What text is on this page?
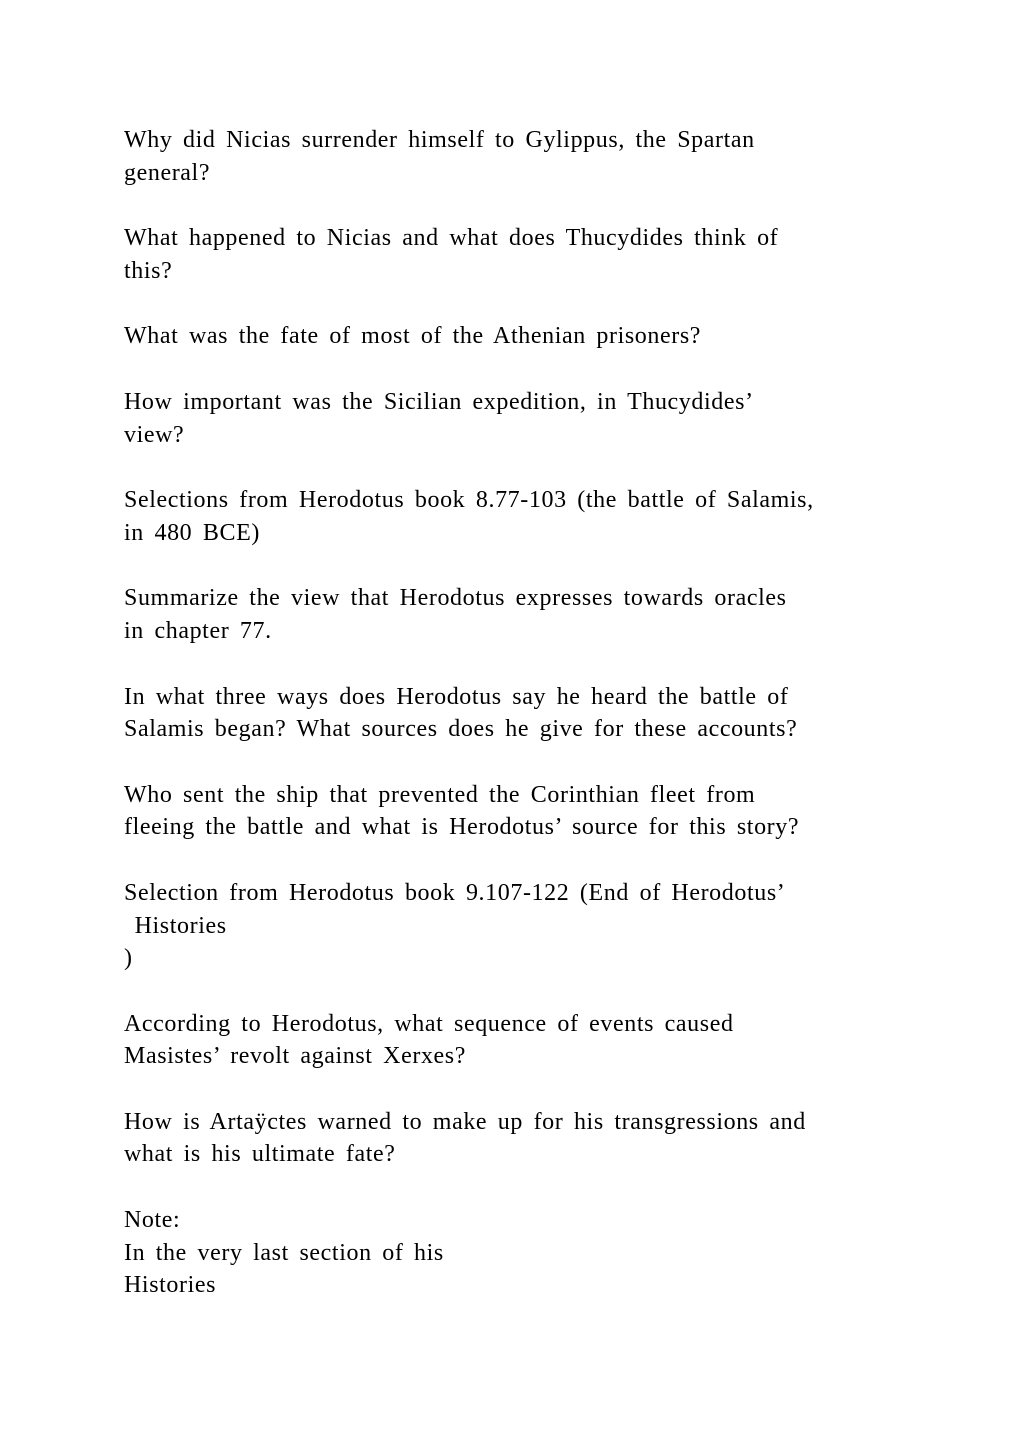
Why did Nicias surrender himself to Gylippus, the Spartan
general?
What happened to Nicias and what does Thucydides think of
this?
What was the fate of most of the Athenian prisoners?
How important was the Sicilian expedition, in Thucydides’
view?
Selections from Herodotus book 8.77-103 (the battle of Salamis,
in 480 BCE)
Summarize the view that Herodotus expresses towards oracles
in chapter 77.
In what three ways does Herodotus say he heard the battle of
Salamis began? What sources does he give for these accounts?
Who sent the ship that prevented the Corinthian fleet from
fleeing the battle and what is Herodotus’ source for this story?
Selection from Herodotus book 9.107-122 (End of Herodotus’
Histories
)
According to Herodotus, what sequence of events caused
Masistes’ revolt against Xerxes?
How is Artaÿctes warned to make up for his transgressions and
what is his ultimate fate?
Note:
In the very last section of his
Histories
